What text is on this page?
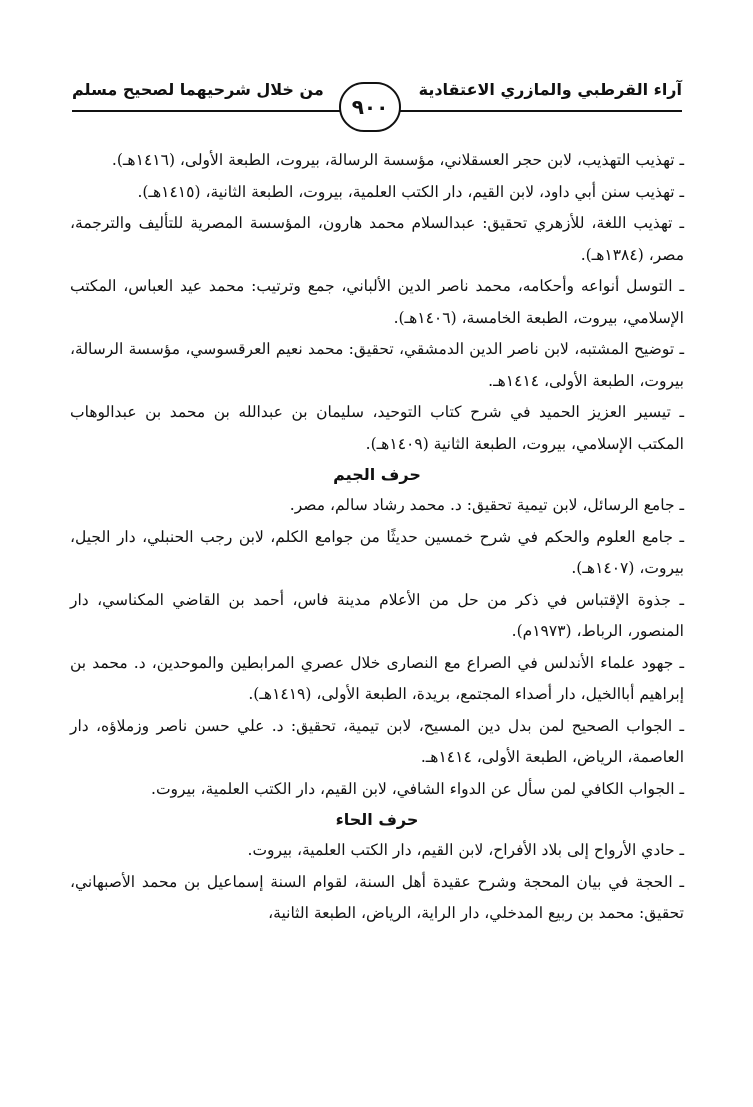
آراء القرطبي والمازري الاعتقادية
من خلال شرحيهما لصحيح مسلم
٩٠٠

ـ تهذيب التهذيب، لابن حجر العسقلاني، مؤسسة الرسالة، بيروت، الطبعة الأولى، (١٤١٦هـ).

ـ تهذيب سنن أبي داود، لابن القيم، دار الكتب العلمية، بيروت، الطبعة الثانية، (١٤١٥هـ).

ـ تهذيب اللغة، للأزهري تحقيق: عبدالسلام محمد هارون، المؤسسة المصرية للتأليف والترجمة، مصر، (١٣٨٤هـ).

ـ التوسل أنواعه وأحكامه، محمد ناصر الدين الألباني، جمع وترتيب: محمد عيد العباس، المكتب الإسلامي، بيروت، الطبعة الخامسة، (١٤٠٦هـ).

ـ توضيح المشتبه، لابن ناصر الدين الدمشقي، تحقيق: محمد نعيم العرقسوسي، مؤسسة الرسالة، بيروت، الطبعة الأولى، ١٤١٤هـ.

ـ تيسير العزيز الحميد في شرح كتاب التوحيد، سليمان بن عبدالله بن محمد بن عبدالوهاب المكتب الإسلامي، بيروت، الطبعة الثانية (١٤٠٩هـ).

حرف الجيم

ـ جامع الرسائل، لابن تيمية تحقيق: د. محمد رشاد سالم، مصر.

ـ جامع العلوم والحكم في شرح خمسين حديثًا من جوامع الكلم، لابن رجب الحنبلي، دار الجيل، بيروت، (١٤٠٧هـ).

ـ جذوة الإقتباس في ذكر من حل من الأعلام مدينة فاس، أحمد بن القاضي المكناسي، دار المنصور، الرباط، (١٩٧٣م).

ـ جهود علماء الأندلس في الصراع مع النصارى خلال عصري المرابطين والموحدين، د. محمد بن إبراهيم أباالخيل، دار أصداء المجتمع، بريدة، الطبعة الأولى، (١٤١٩هـ).

ـ الجواب الصحيح لمن بدل دين المسيح، لابن تيمية، تحقيق: د. علي حسن ناصر وزملاؤه، دار العاصمة، الرياض، الطبعة الأولى، ١٤١٤هـ.

ـ الجواب الكافي لمن سأل عن الدواء الشافي، لابن القيم، دار الكتب العلمية، بيروت.

حرف الحاء

ـ حادي الأرواح إلى بلاد الأفراح، لابن القيم، دار الكتب العلمية، بيروت.

ـ الحجة في بيان المحجة وشرح عقيدة أهل السنة، لقوام السنة إسماعيل بن محمد الأصبهاني، تحقيق: محمد بن ربيع المدخلي، دار الراية، الرياض، الطبعة الثانية،
